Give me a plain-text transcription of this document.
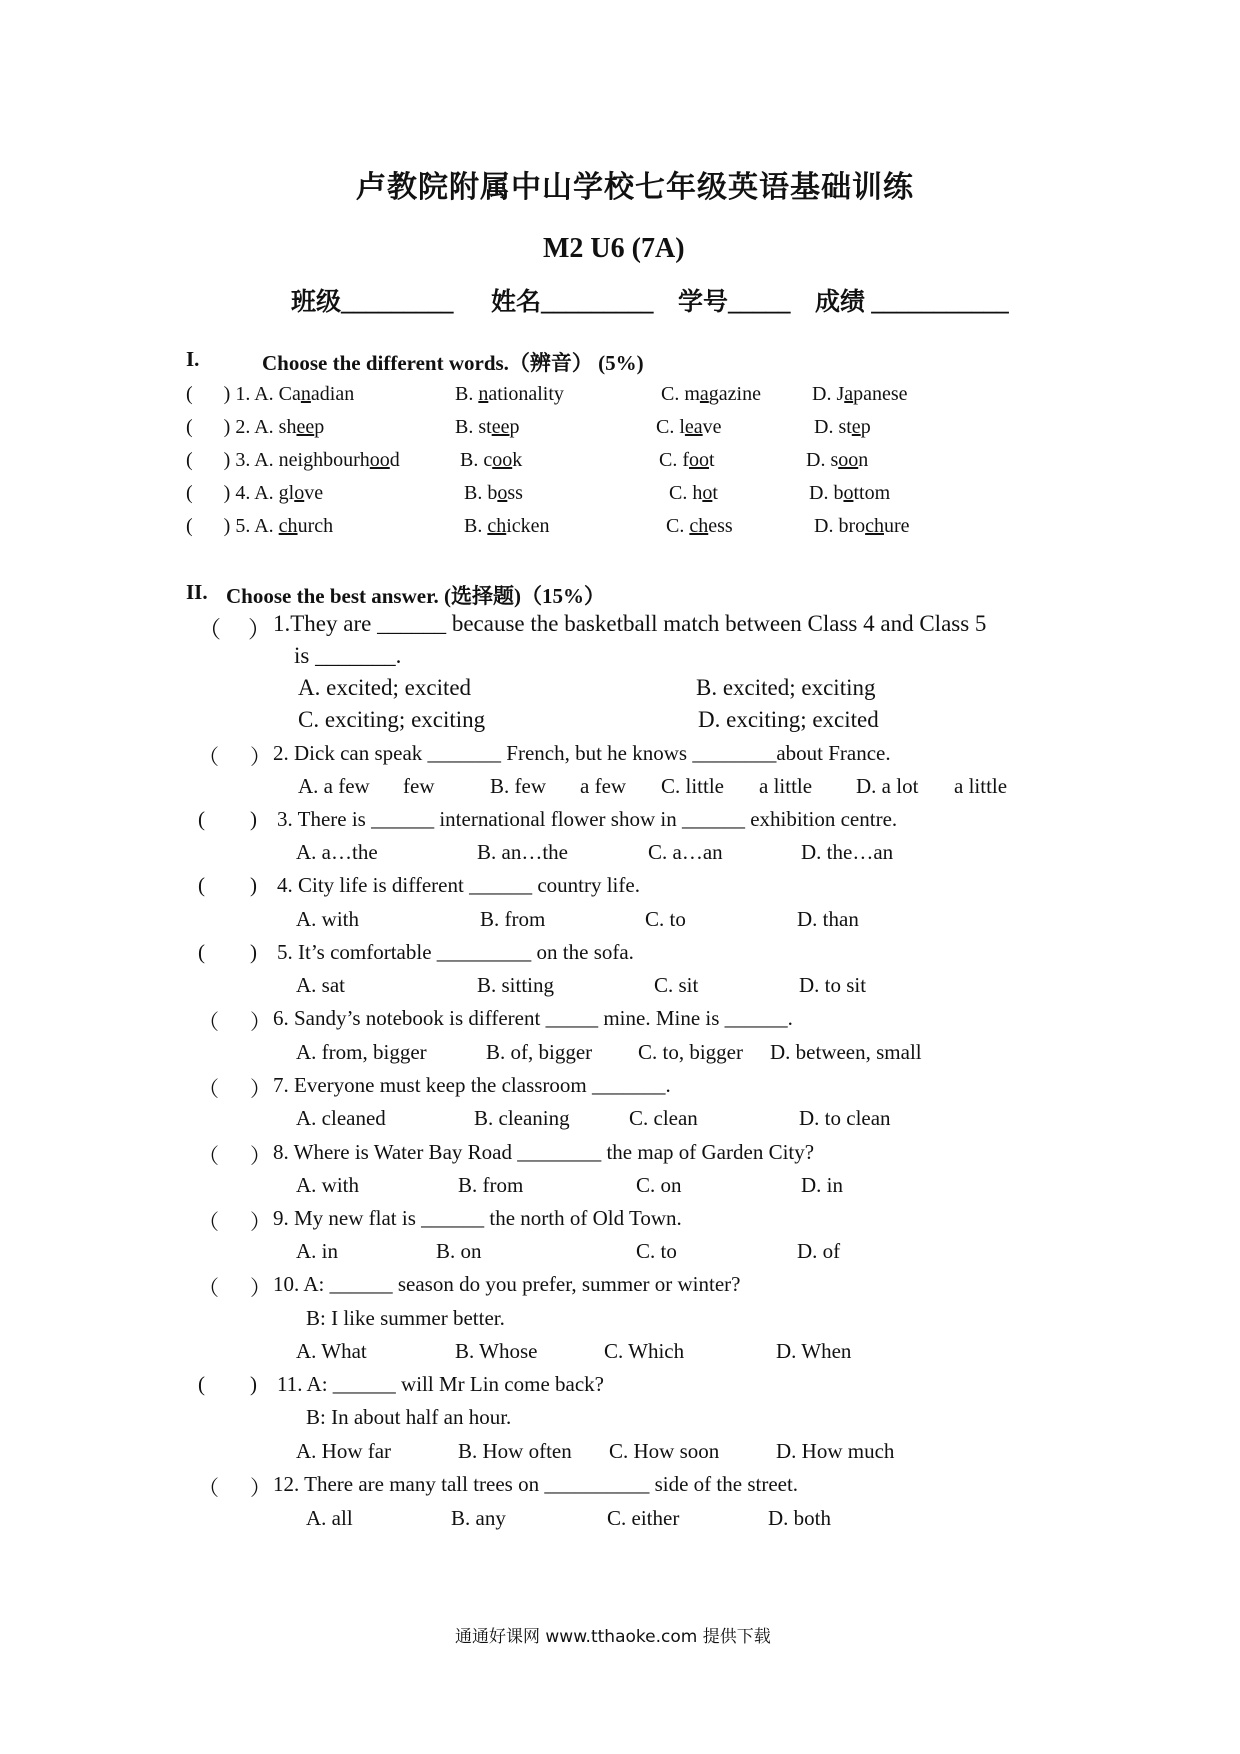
卢教院附属中山学校七年级英语基础训练
M2 U6 (7A)
班级_________ 姓名_________ 学号_____ 成绩 ___________
I.	Choose the different words.（辨音） (5%)
( ) 1. A. Canadian	B. nationality	C. magazine	D. Japanese
( ) 2. A. sheep	B. steep	C. leave	D. step
( ) 3. A. neighbourhood	B. cook	C. foot	D. soon
( ) 4. A. glove	B. boss	C. hot	D. bottom
( ) 5. A. church	B. chicken	C. chess	D. brochure
II. Choose the best answer. (选择题)（15%）
（ ） 1.They are ______ because the basketball match between Class 4 and Class 5
is _______.
A. excited; excited	B. excited; exciting
C. exciting; exciting	D. exciting; excited
（ ） 2. Dick can speak _______ French, but he knows ________about France.
A. a few few	B. few a few C. little a little D. a lot a little
( ) 3. There is ______ international flower show in ______ exhibition centre.
A. a…the	B. an…the	C. a…an	D. the…an
( ) 4. City life is different ______ country life.
A. with	B. from	C. to	D. than
( ) 5. It’s comfortable _________ on the sofa.
A. sat	B. sitting	C. sit	D. to sit
（ ） 6. Sandy’s notebook is different _____ mine. Mine is ______.
A. from, bigger	B. of, bigger C. to, bigger D. between, small
（ ） 7. Everyone must keep the classroom _______.
A. cleaned	B. cleaning	C. clean	D. to clean
（ ） 8. Where is Water Bay Road ________ the map of Garden City?
A. with	B. from	C. on	D. in
（ ） 9. My new flat is ______ the north of Old Town.
A. in	B. on	C. to	D. of
（ ） 10. A: ______ season do you prefer, summer or winter?
B: I like summer better.
A. What	B. Whose	C. Which	D. When
( ) 11. A: ______ will Mr Lin come back?
B: In about half an hour.
A. How far	B. How often C. How soon	D. How much
（ ） 12. There are many tall trees on __________ side of the street.
A. all	B. any	C. either	D. both
通通好课网 www.tthaoke.com 提供下载
